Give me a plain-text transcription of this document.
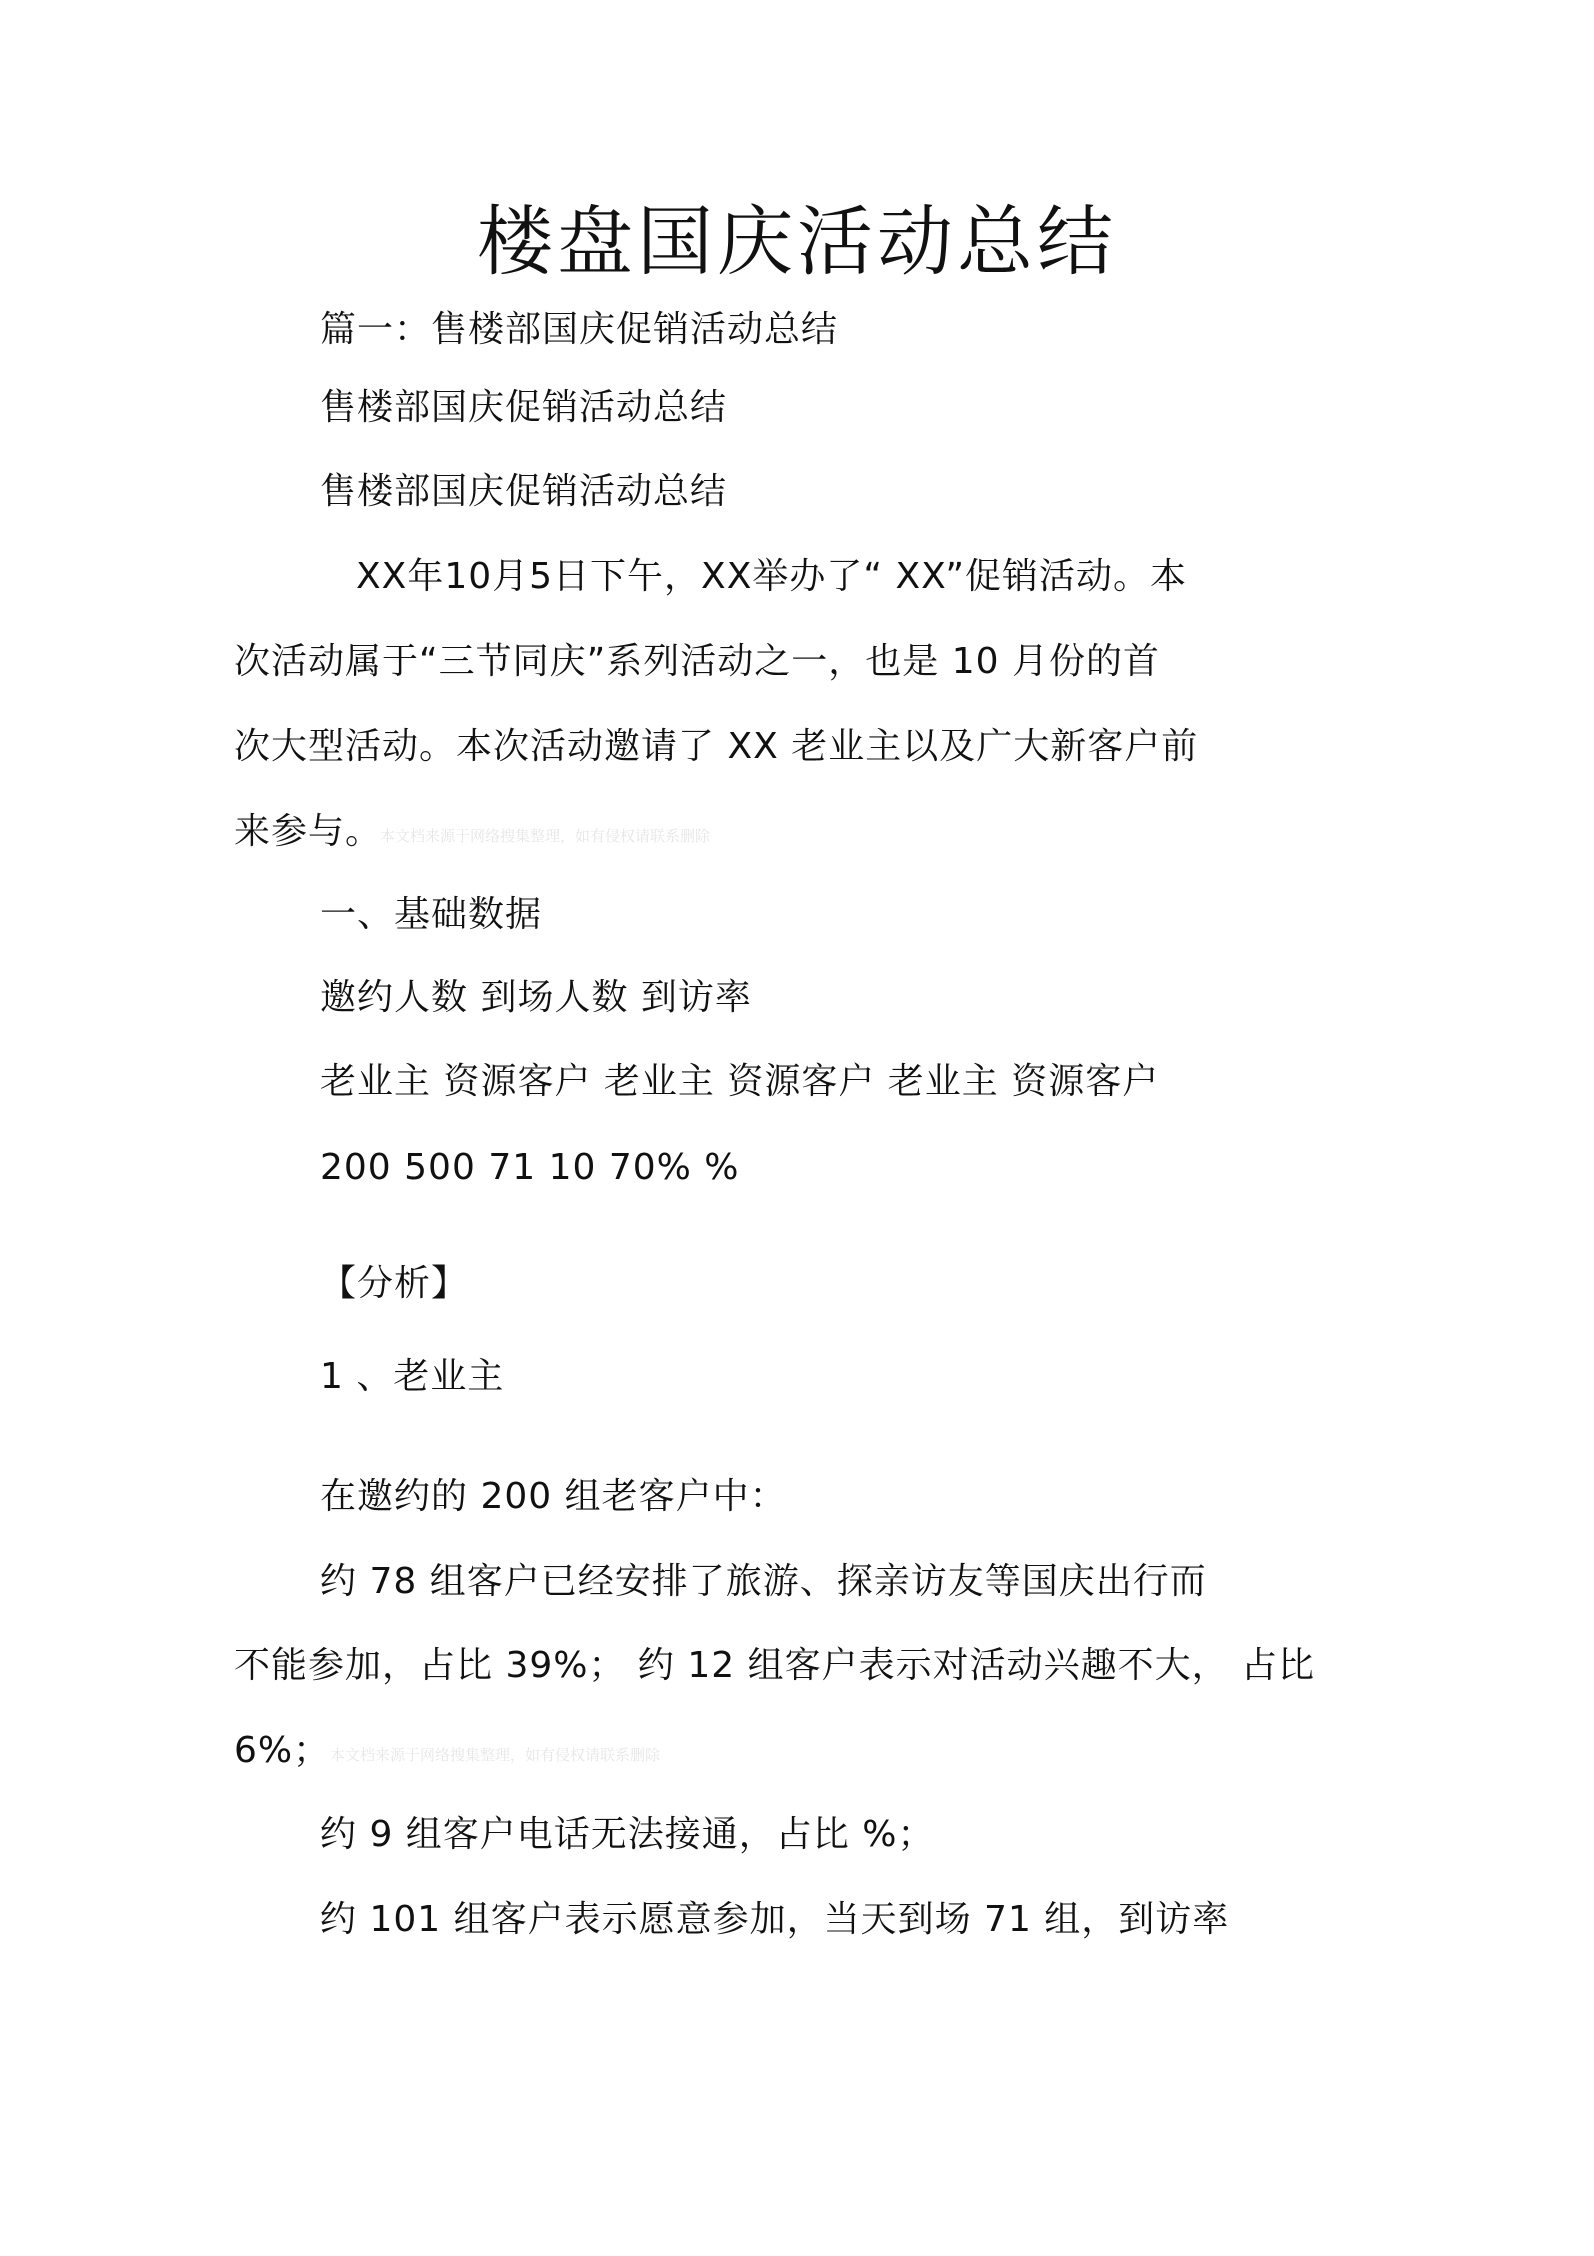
楼盘国庆活动总结
篇一：售楼部国庆促销活动总结
售楼部国庆促销活动总结
售楼部国庆促销活动总结
XX年10月5日下午，XX举办了“ XX”促销活动。本
次活动属于“三节同庆”系列活动之一，也是 10 月份的首
次大型活动。本次活动邀请了 XX 老业主以及广大新客户前
来参与。
本文档来源于网络搜集整理，如有侵权请联系删除
一、基础数据
邀约人数 到场人数 到访率
老业主 资源客户 老业主 资源客户 老业主 资源客户
200 500 71 10 70% %
【分析】
1 、老业主
在邀约的 200 组老客户中：
约 78 组客户已经安排了旅游、探亲访友等国庆出行而
不能参加，占比 39%； 约 12 组客户表示对活动兴趣不大， 占比
6%； 本文档来源于网络搜集整理，如有侵权请联系删除
约 9 组客户电话无法接通，占比 %；
约 101 组客户表示愿意参加，当天到场 71 组，到访率
